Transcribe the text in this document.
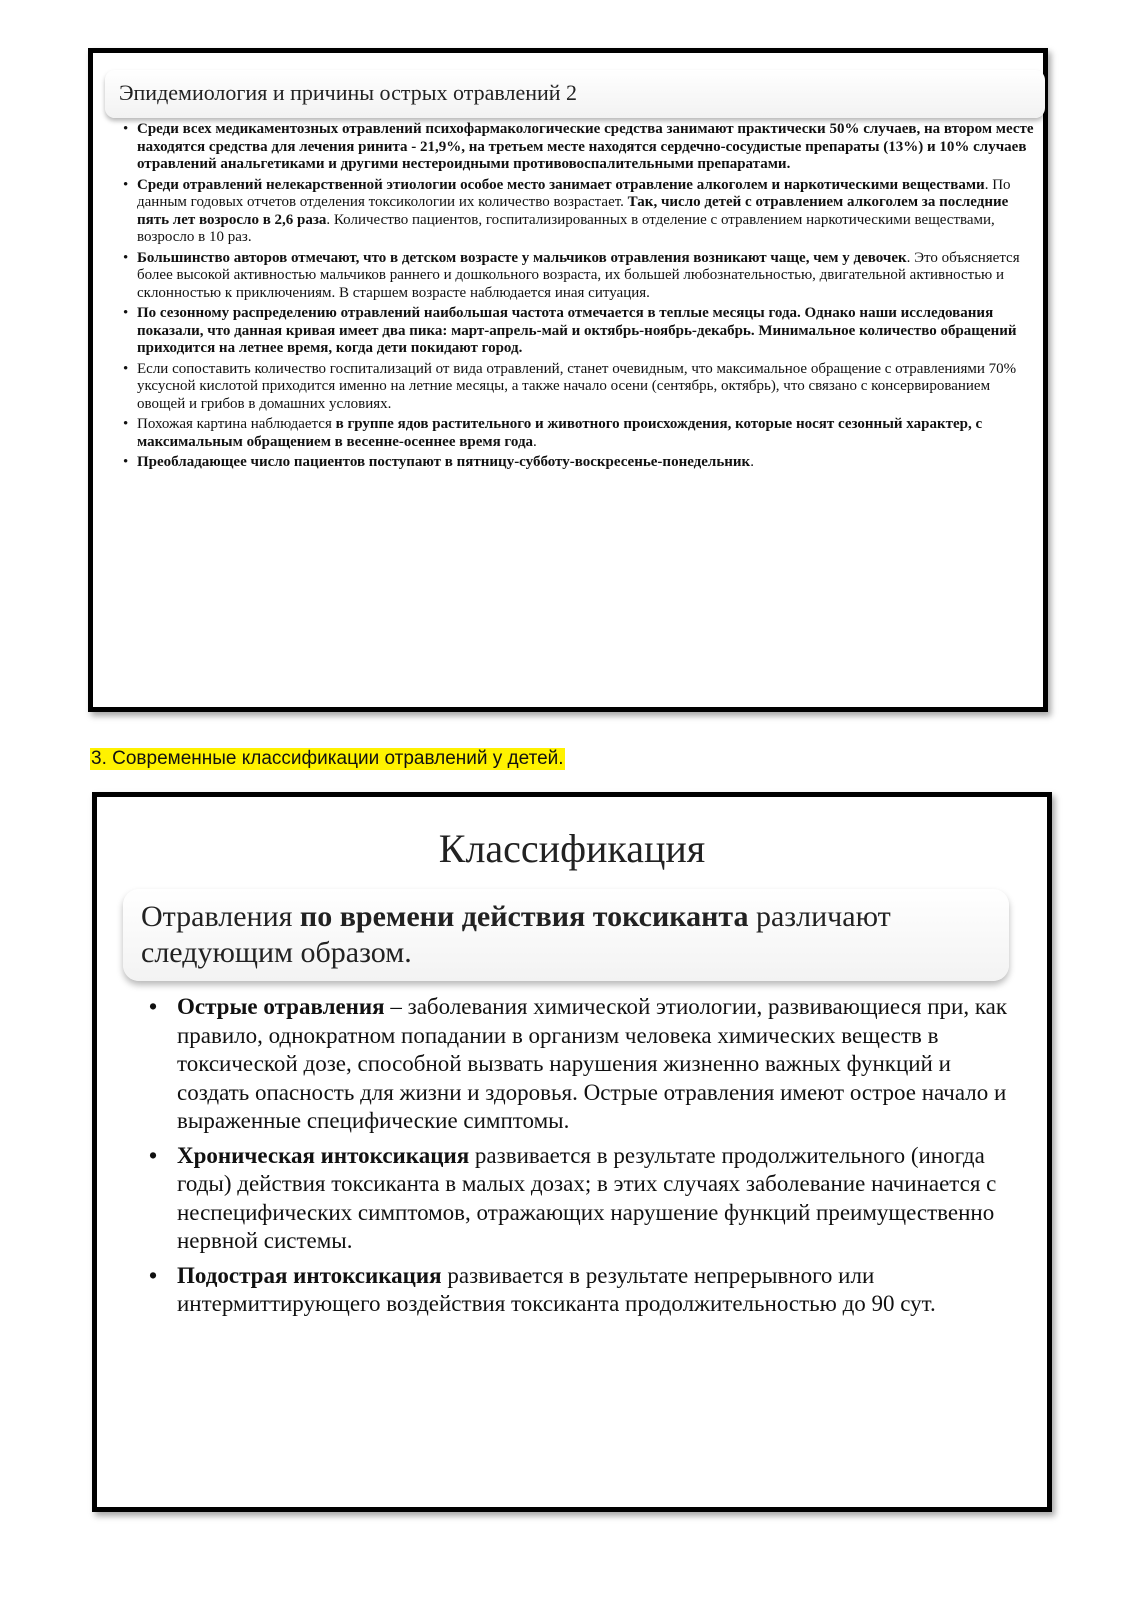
Эпидемиология и причины острых отравлений 2
• Среди всех медикаментозных отравлений психофармакологические средства занимают практически 50% случаев, на втором месте находятся средства для лечения ринита - 21,9%, на третьем месте находятся сердечно-сосудистые препараты (13%) и 10% случаев отравлений анальгетиками и другими нестероидными противовоспалительными препаратами.
• Среди отравлений нелекарственной этиологии особое место занимает отравление алкоголем и наркотическими веществами. По данным годовых отчетов отделения токсикологии их количество возрастает. Так, число детей с отравлением алкоголем за последние пять лет возросло в 2,6 раза. Количество пациентов, госпитализированных в отделение с отравлением наркотическими веществами, возросло в 10 раз.
• Большинство авторов отмечают, что в детском возрасте у мальчиков отравления возникают чаще, чем у девочек. Это объясняется более высокой активностью мальчиков раннего и дошкольного возраста, их большей любознательностью, двигательной активностью и склонностью к приключениям. В старшем возрасте наблюдается иная ситуация.
• По сезонному распределению отравлений наибольшая частота отмечается в теплые месяцы года. Однако наши исследования показали, что данная кривая имеет два пика: март-апрель-май и октябрь-ноябрь-декабрь. Минимальное количество обращений приходится на летнее время, когда дети покидают город.
• Если сопоставить количество госпитализаций от вида отравлений, станет очевидным, что максимальное обращение с отравлениями 70% уксусной кислотой приходится именно на летние месяцы, а также начало осени (сентябрь, октябрь), что связано с консервированием овощей и грибов в домашних условиях.
• Похожая картина наблюдается в группе ядов растительного и животного происхождения, которые носят сезонный характер, с максимальным обращением в весенне-осеннее время года.
• Преобладающее число пациентов поступают в пятницу-субботу-воскресенье-понедельник.
3. Современные классификации отравлений у детей.
Классификация
Отравления по времени действия токсиканта различают следующим образом.
• Острые отравления – заболевания химической этиологии, развивающиеся при, как правило, однократном попадании в организм человека химических веществ в токсической дозе, способной вызвать нарушения жизненно важных функций и создать опасность для жизни и здоровья. Острые отравления имеют острое начало и выраженные специфические симптомы.
• Хроническая интоксикация развивается в результате продолжительного (иногда годы) действия токсиканта в малых дозах; в этих случаях заболевание начинается с неспецифических симптомов, отражающих нарушение функций преимущественно нервной системы.
• Подострая интоксикация развивается в результате непрерывного или интермиттирующего воздействия токсиканта продолжительностью до 90 сут.
